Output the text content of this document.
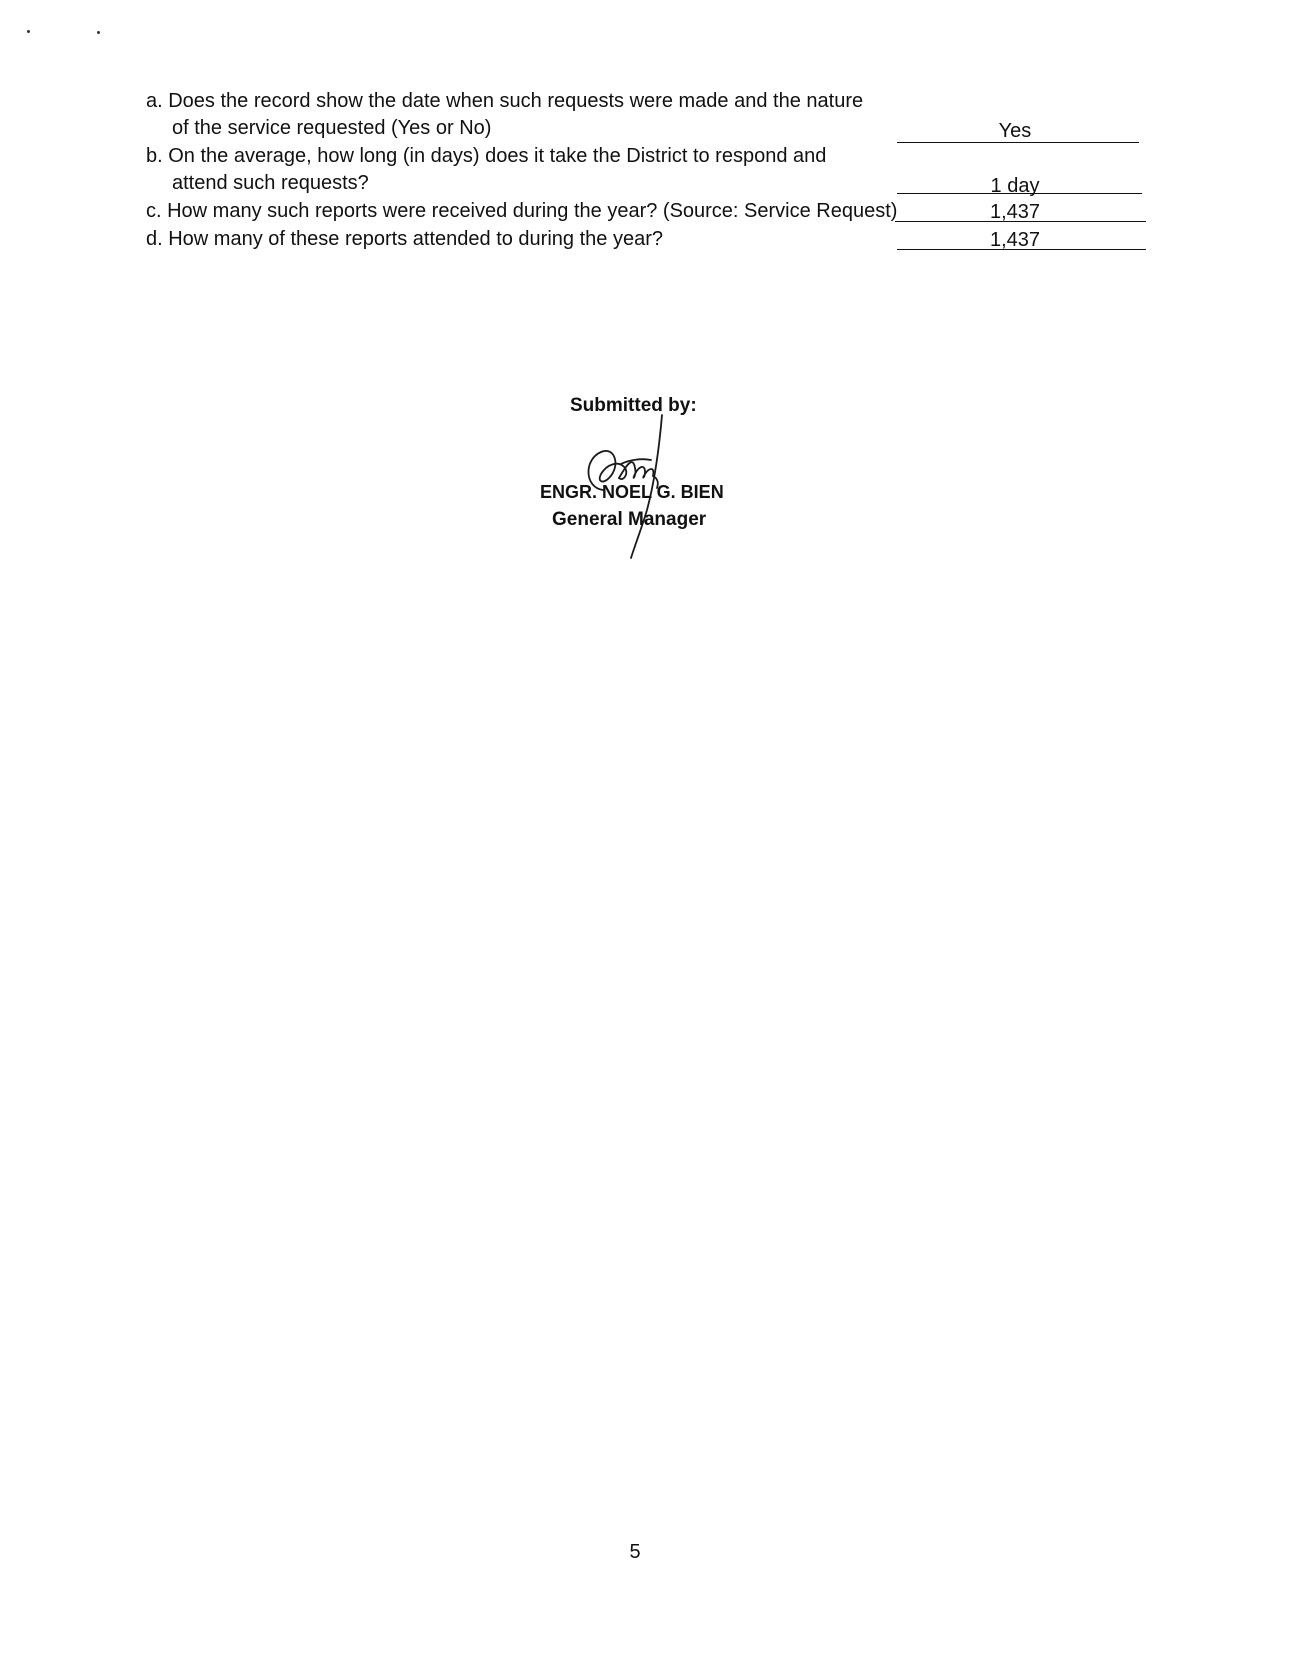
a. Does the record show the date when such requests were made and the nature
of the service requested (Yes or No)	Yes
b. On the average, how long (in days) does it take the District to respond and
attend such requests?	1 day
c. How many such reports were received during the year? (Source: Service Request)	1,437
d. How many of these reports attended to during the year?	1,437
Submitted by:
ENGR. NOEL G. BIEN
General Manager
5
